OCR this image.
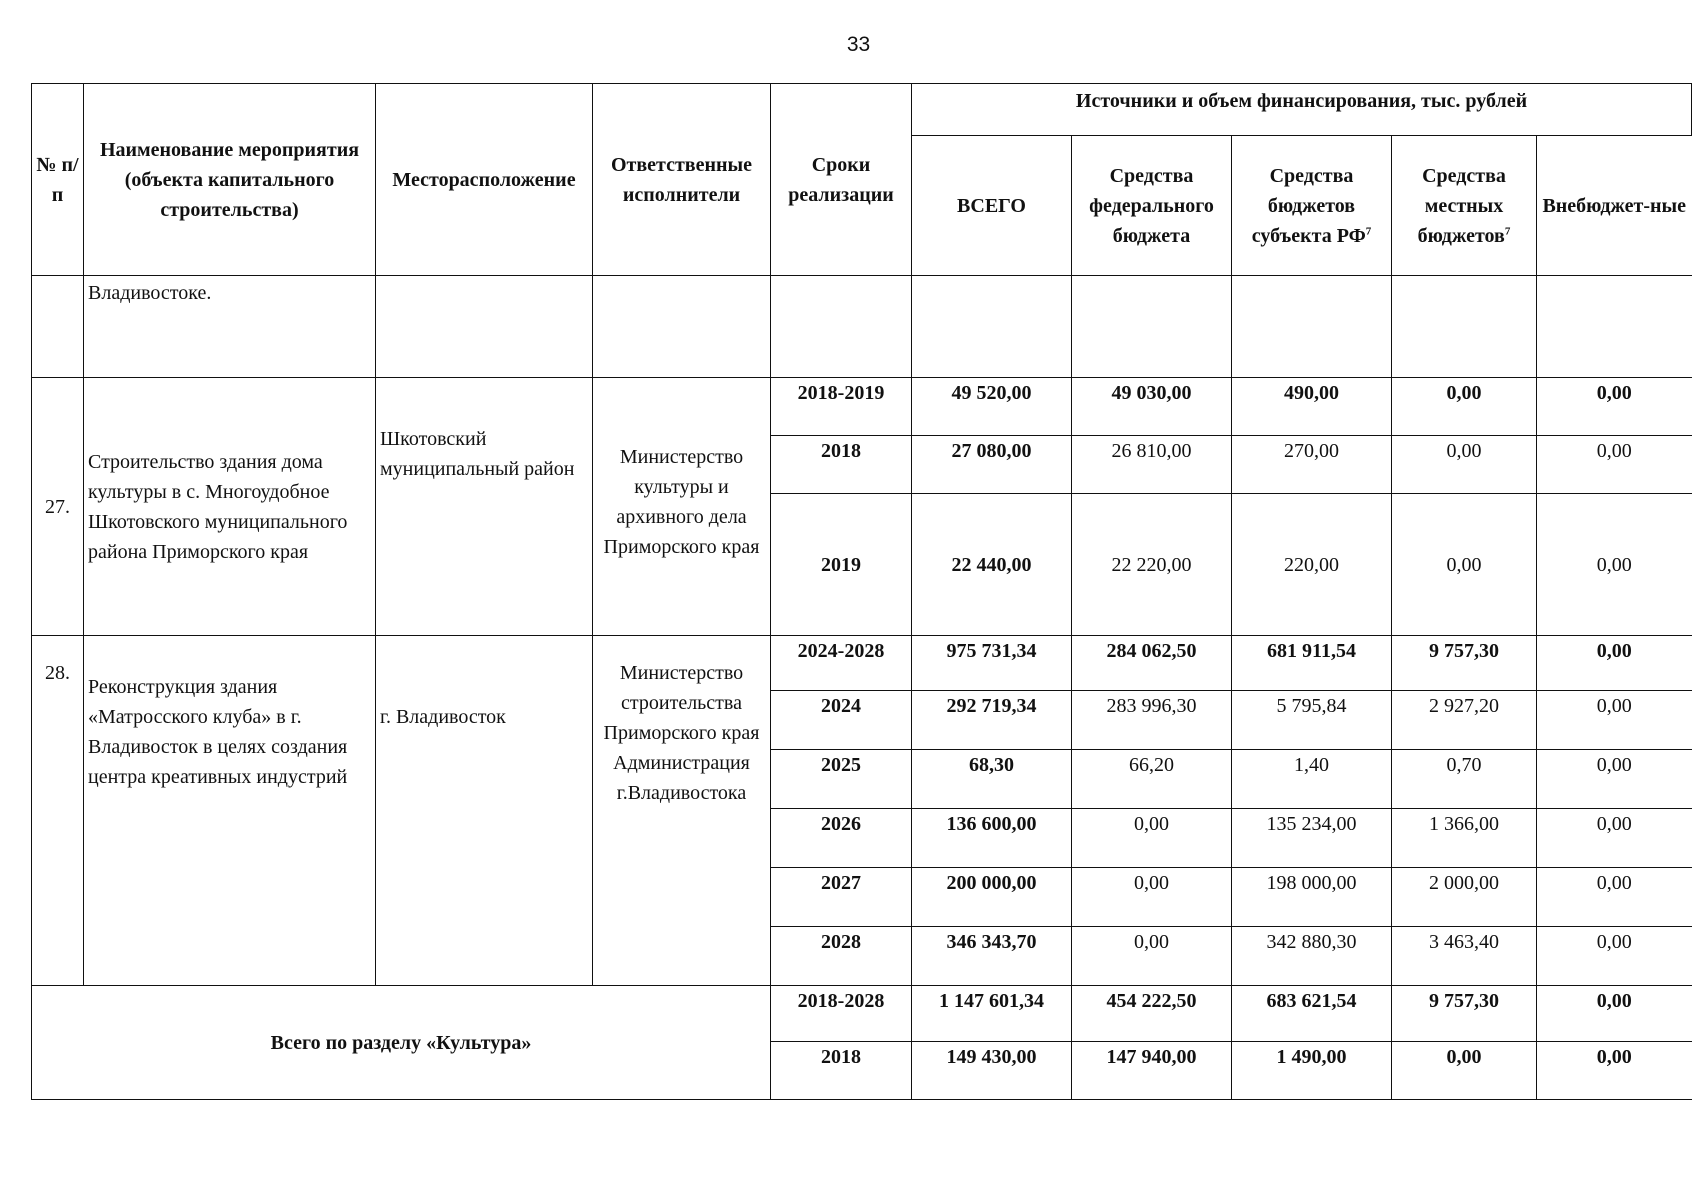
33
№ п/п	Наименование мероприятия (объекта капитального строительства)	Месторасположение	Ответственные исполнители	Сроки реализации	Источники и объем финансирования, тыс. рублей				
					ВСЕГО	Средства федерального бюджета	Средства бюджетов субъекта $РФ^7$	Средства местных бюджетов$^7$	Внебюджет-ные
	Владивостоке.								
27.	Строительство здания дома культуры в с. Многоудобное Шкотовского муниципального района Приморского края	Шкотовский муниципальный район	Министерство культуры и архивного дела Приморского края	2018-2019	49 520,00	49 030,00	490,00	0,00	0,00
				2018	27 080,00	26 810,00	270,00	0,00	0,00
				2019	22 440,00	22 220,00	220,00	0,00	0,00
28.	Реконструкция здания «Матросского клуба» в г. Владивосток в целях создания центра креативных индустрий	г. Владивосток	Министерство строительства Приморского края Администрация г.Владивостока	2024-2028	975 731,34	284 062,50	681 911,54	9 757,30	0,00
				2024	292 719,34	283 996,30	5 795,84	2 927,20	0,00
				2025	68,30	66,20	1,40	0,70	0,00
				2026	136 600,00	0,00	135 234,00	1 366,00	0,00
				2027	200 000,00	0,00	198 000,00	2 000,00	0,00
				2028	346 343,70	0,00	342 880,30	3 463,40	0,00
Всего по разделу «Культура»				2018-2028	1 147 601,34	454 222,50	683 621,54	9 757,30	0,00
				2018	149 430,00	147 940,00	1 490,00	0,00	0,00
